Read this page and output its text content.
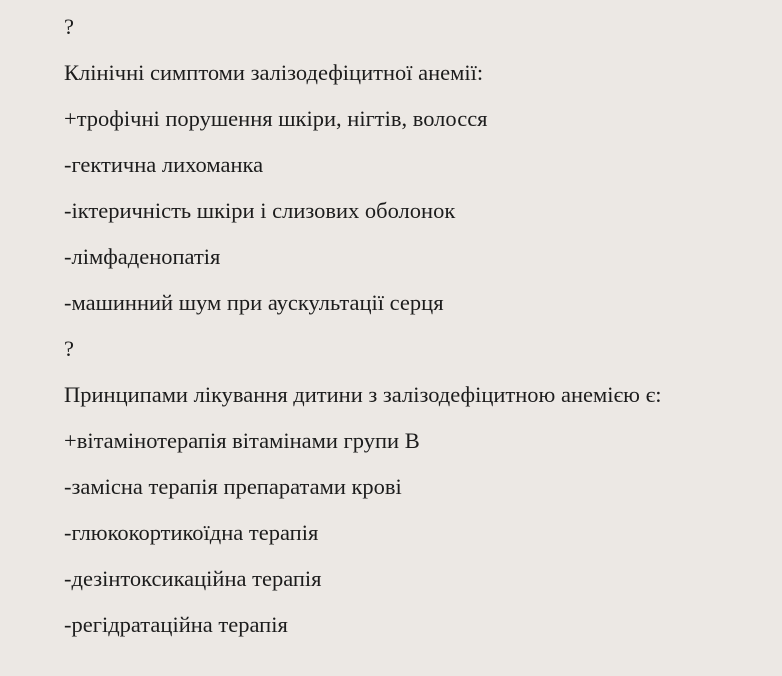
?
Клінічні симптоми залізодефіцитної анемії:
+трофічні порушення шкіри, нігтів, волосся
-гектична лихоманка
-іктеричність шкіри і слизових оболонок
-лімфаденопатія
-машинний шум при аускультації серця
?
Принципами лікування дитини з залізодефіцитною анемією є:
+вітамінотерапія вітамінами групи В
-замісна терапія препаратами крові
-глюкокортикоїдна терапія
-дезінтоксикаційна терапія
-регідратаційна терапія
